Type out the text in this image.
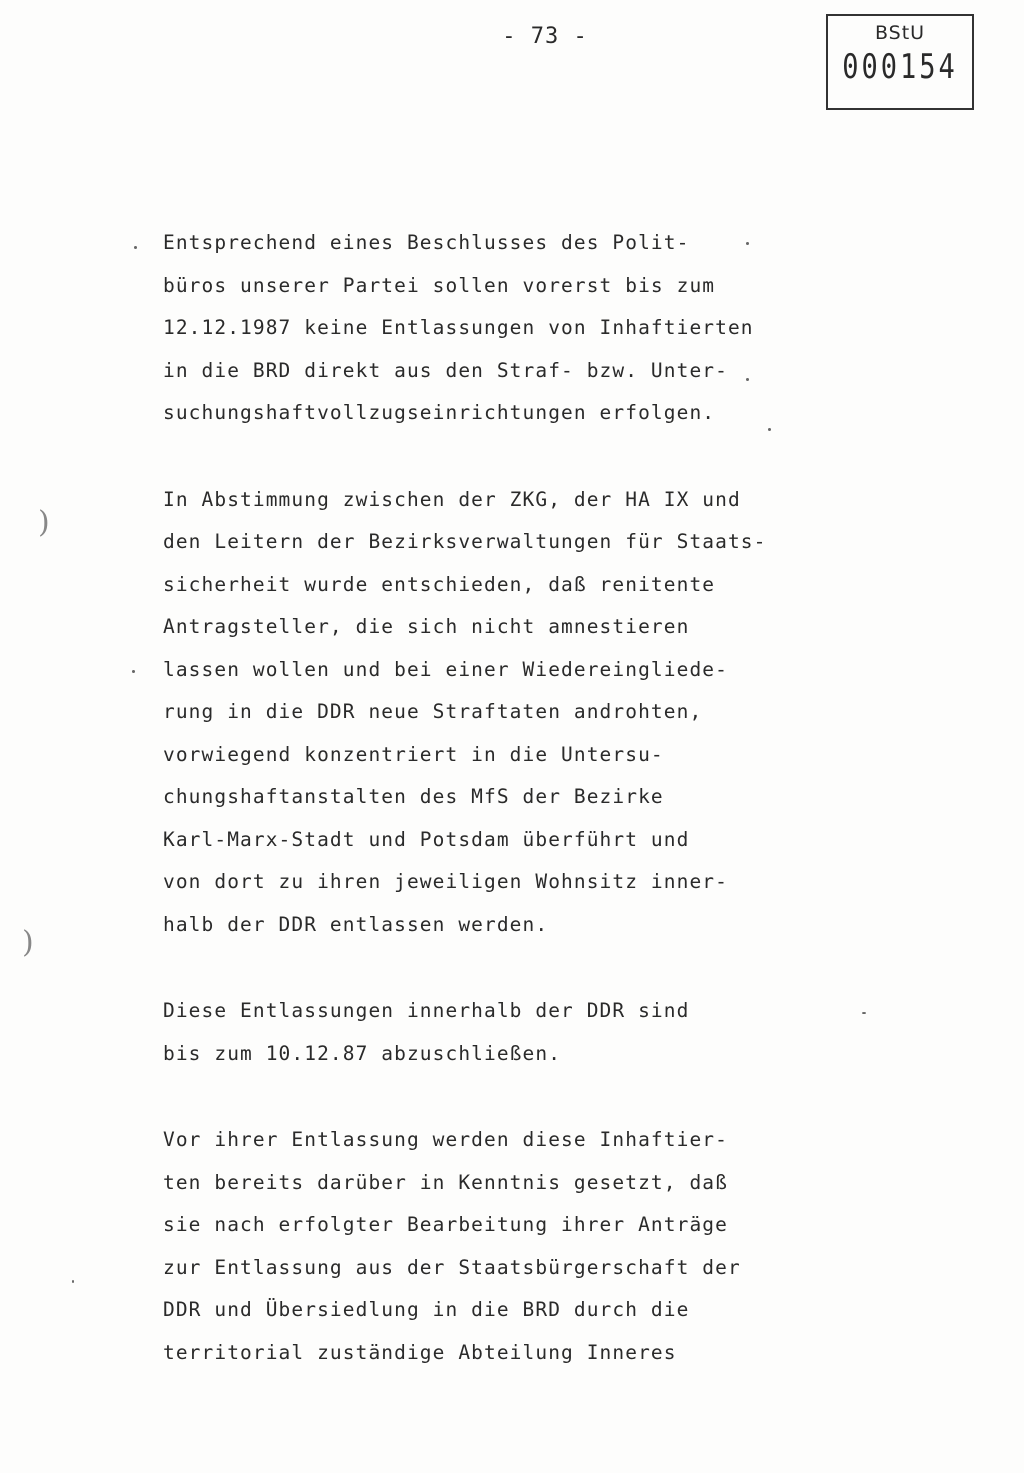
- 73 -	BStU
000154
)
)
Entsprechend eines Beschlusses des Polit-
büros unserer Partei sollen vorerst bis zum
12.12.1987 keine Entlassungen von Inhaftierten
in die BRD direkt aus den Straf- bzw. Unter-
suchungshaftvollzugseinrichtungen erfolgen.
In Abstimmung zwischen der ZKG, der HA IX und
den Leitern der Bezirksverwaltungen für Staats-
sicherheit wurde entschieden, daß renitente
Antragsteller, die sich nicht amnestieren
lassen wollen und bei einer Wiedereingliede-
rung in die DDR neue Straftaten androhten,
vorwiegend konzentriert in die Untersu-
chungshaftanstalten des MfS der Bezirke
Karl-Marx-Stadt und Potsdam überführt und
von dort zu ihren jeweiligen Wohnsitz inner-
halb der DDR entlassen werden.
Diese Entlassungen innerhalb der DDR sind
bis zum 10.12.87 abzuschließen.
Vor ihrer Entlassung werden diese Inhaftier-
ten bereits darüber in Kenntnis gesetzt, daß
sie nach erfolgter Bearbeitung ihrer Anträge
zur Entlassung aus der Staatsbürgerschaft der
DDR und Übersiedlung in die BRD durch die
territorial zuständige Abteilung Inneres
